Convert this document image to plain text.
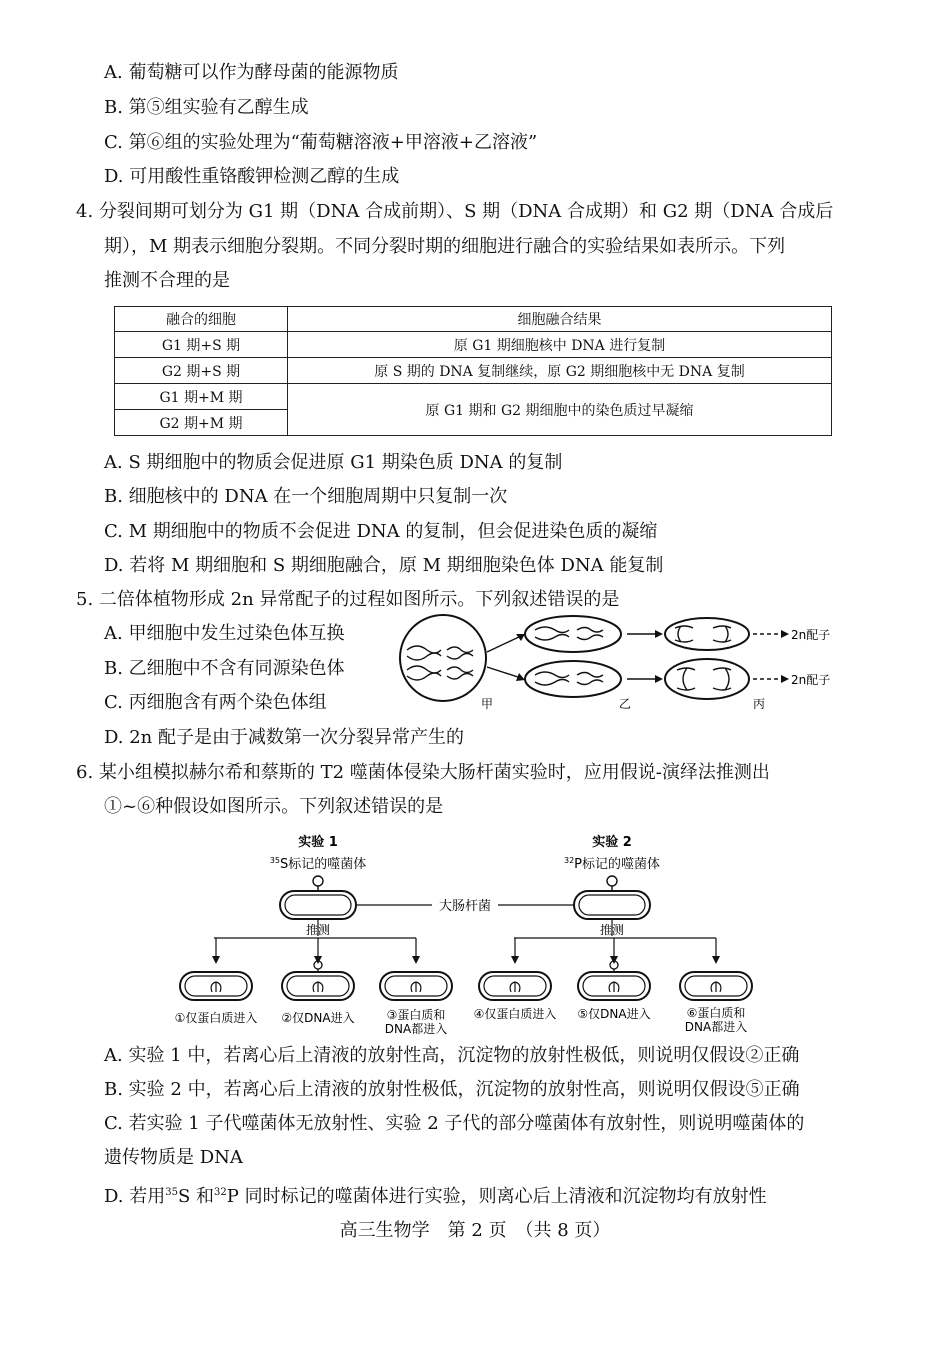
A. 葡萄糖可以作为酵母菌的能源物质
B. 第⑤组实验有乙醇生成
C. 第⑥组的实验处理为“葡萄糖溶液+甲溶液+乙溶液”
D. 可用酸性重铬酸钾检测乙醇的生成
4. 分裂间期可划分为 G1 期（DNA 合成前期）、S 期（DNA 合成期）和 G2 期（DNA 合成后
期），M 期表示细胞分裂期。不同分裂时期的细胞进行融合的实验结果如表所示。下列
推测不合理的是
融合的细胞	细胞融合结果
G1 期+S 期	原 G1 期细胞核中 DNA 进行复制
G2 期+S 期	原 S 期的 DNA 复制继续，原 G2 期细胞核中无 DNA 复制
G1 期+M 期	原 G1 期和 G2 期细胞中的染色质过早凝缩
G2 期+M 期	
A. S 期细胞中的物质会促进原 G1 期染色质 DNA 的复制
B. 细胞核中的 DNA 在一个细胞周期中只复制一次
C. M 期细胞中的物质不会促进 DNA 的复制，但会促进染色质的凝缩
D. 若将 M 期细胞和 S 期细胞融合，原 M 期细胞染色体 DNA 能复制
5. 二倍体植物形成 2n 异常配子的过程如图所示。下列叙述错误的是
A. 甲细胞中发生过染色体互换
B. 乙细胞中不含有同源染色体
C. 丙细胞含有两个染色体组
D. 2n 配子是由于减数第一次分裂异常产生的
甲	乙	丙
2n配子
2n配子
6. 某小组模拟赫尔希和蔡斯的 T2 噬菌体侵染大肠杆菌实验时，应用假说-演绎法推测出
①~⑥种假设如图所示。下列叙述错误的是
实验 1
$^{35}$S标记的噬菌体
实验 2
$^{32}$P标记的噬菌体
大肠杆菌
推测	推测
①仅蛋白质进入 ②仅DNA进入	③蛋白质和
DNA都进入
④仅蛋白质进入 ⑤仅DNA进入	⑥蛋白质和
DNA都进入
A. 实验 1 中，若离心后上清液的放射性高，沉淀物的放射性极低，则说明仅假设②正确
B. 实验 2 中，若离心后上清液的放射性极低，沉淀物的放射性高，则说明仅假设⑤正确
C. 若实验 1 子代噬菌体无放射性、实验 2 子代的部分噬菌体有放射性，则说明噬菌体的
遗传物质是 DNA
D. 若用$^{35}$S 和$^{32}$P 同时标记的噬菌体进行实验，则离心后上清液和沉淀物均有放射性
高三生物学　第 2 页　（共 8 页）
